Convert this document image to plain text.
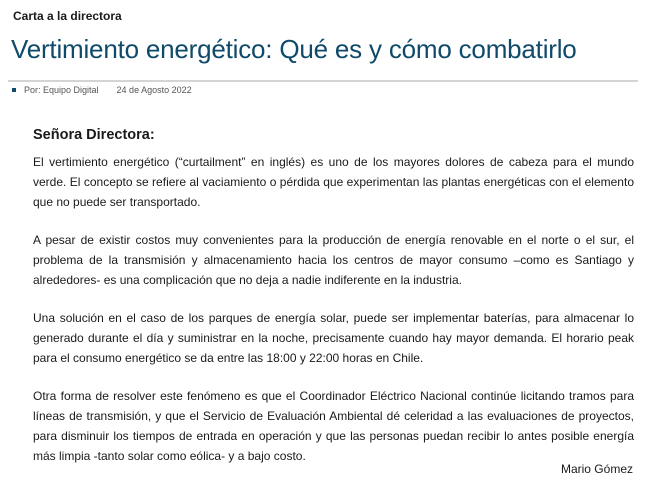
Carta a la directora
Vertimiento energético: Qué es y cómo combatirlo
Por: Equipo Digital 24 de Agosto 2022
Señora Directora:

El vertimiento energético (“curtailment” en inglés) es uno de los mayores dolores de cabeza para el mundo verde. El concepto se refiere al vaciamiento o pérdida que experimentan las plantas energéticas con el elemento que no puede ser transportado.

A pesar de existir costos muy convenientes para la producción de energía renovable en el norte o el sur, el problema de la transmisión y almacenamiento hacia los centros de mayor consumo –como es Santiago y alrededores- es una complicación que no deja a nadie indiferente en la industria.

Una solución en el caso de los parques de energía solar, puede ser implementar baterías, para almacenar lo generado durante el día y suministrar en la noche, precisamente cuando hay mayor demanda. El horario peak para el consumo energético se da entre las 18:00 y 22:00 horas en Chile.

Otra forma de resolver este fenómeno es que el Coordinador Eléctrico Nacional continúe licitando tramos para líneas de transmisión, y que el Servicio de Evaluación Ambiental dé celeridad a las evaluaciones de proyectos, para disminuir los tiempos de entrada en operación y que las personas puedan recibir lo antes posible energía más limpia -tanto solar como eólica- y a bajo costo.

Mario Gómez
